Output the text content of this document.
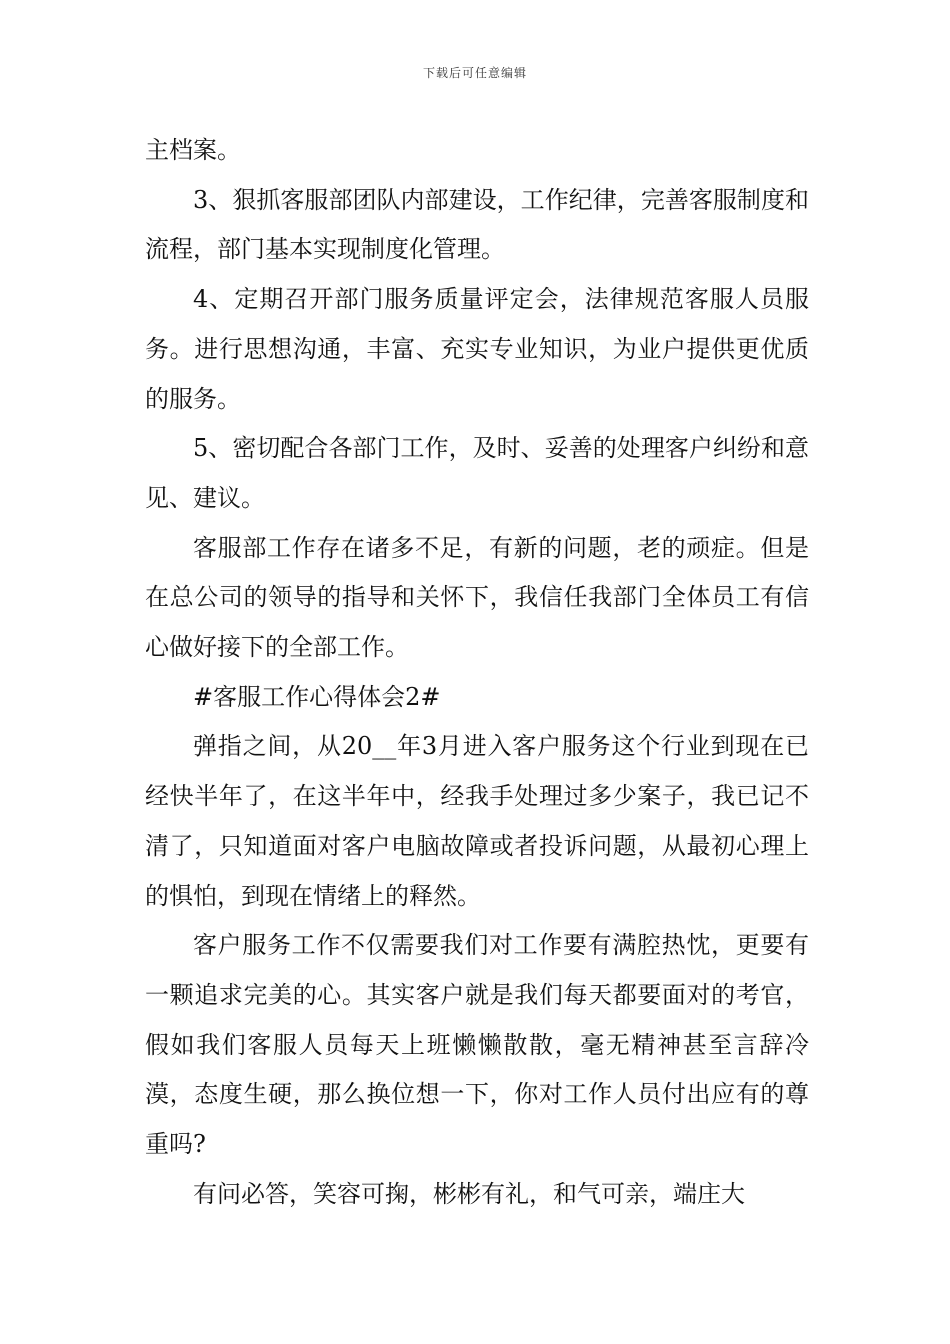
下载后可任意编辑

主档案。

3、狠抓客服部团队内部建设，工作纪律，完善客服制度和流程，部门基本实现制度化管理。

4、定期召开部门服务质量评定会，法律规范客服人员服务。进行思想沟通，丰富、充实专业知识，为业户提供更优质的服务。

5、密切配合各部门工作，及时、妥善的处理客户纠纷和意见、建议。

客服部工作存在诸多不足，有新的问题，老的顽症。但是在总公司的领导的指导和关怀下，我信任我部门全体员工有信心做好接下的全部工作。

#客服工作心得体会2#

弹指之间，从20__年3月进入客户服务这个行业到现在已经快半年了，在这半年中，经我手处理过多少案子，我已记不清了，只知道面对客户电脑故障或者投诉问题，从最初心理上的惧怕，到现在情绪上的释然。

客户服务工作不仅需要我们对工作要有满腔热忱，更要有一颗追求完美的心。其实客户就是我们每天都要面对的考官，假如我们客服人员每天上班懒懒散散，毫无精神甚至言辞冷漠，态度生硬，那么换位想一下，你对工作人员付出应有的尊重吗?

有问必答，笑容可掬，彬彬有礼，和气可亲，端庄大
